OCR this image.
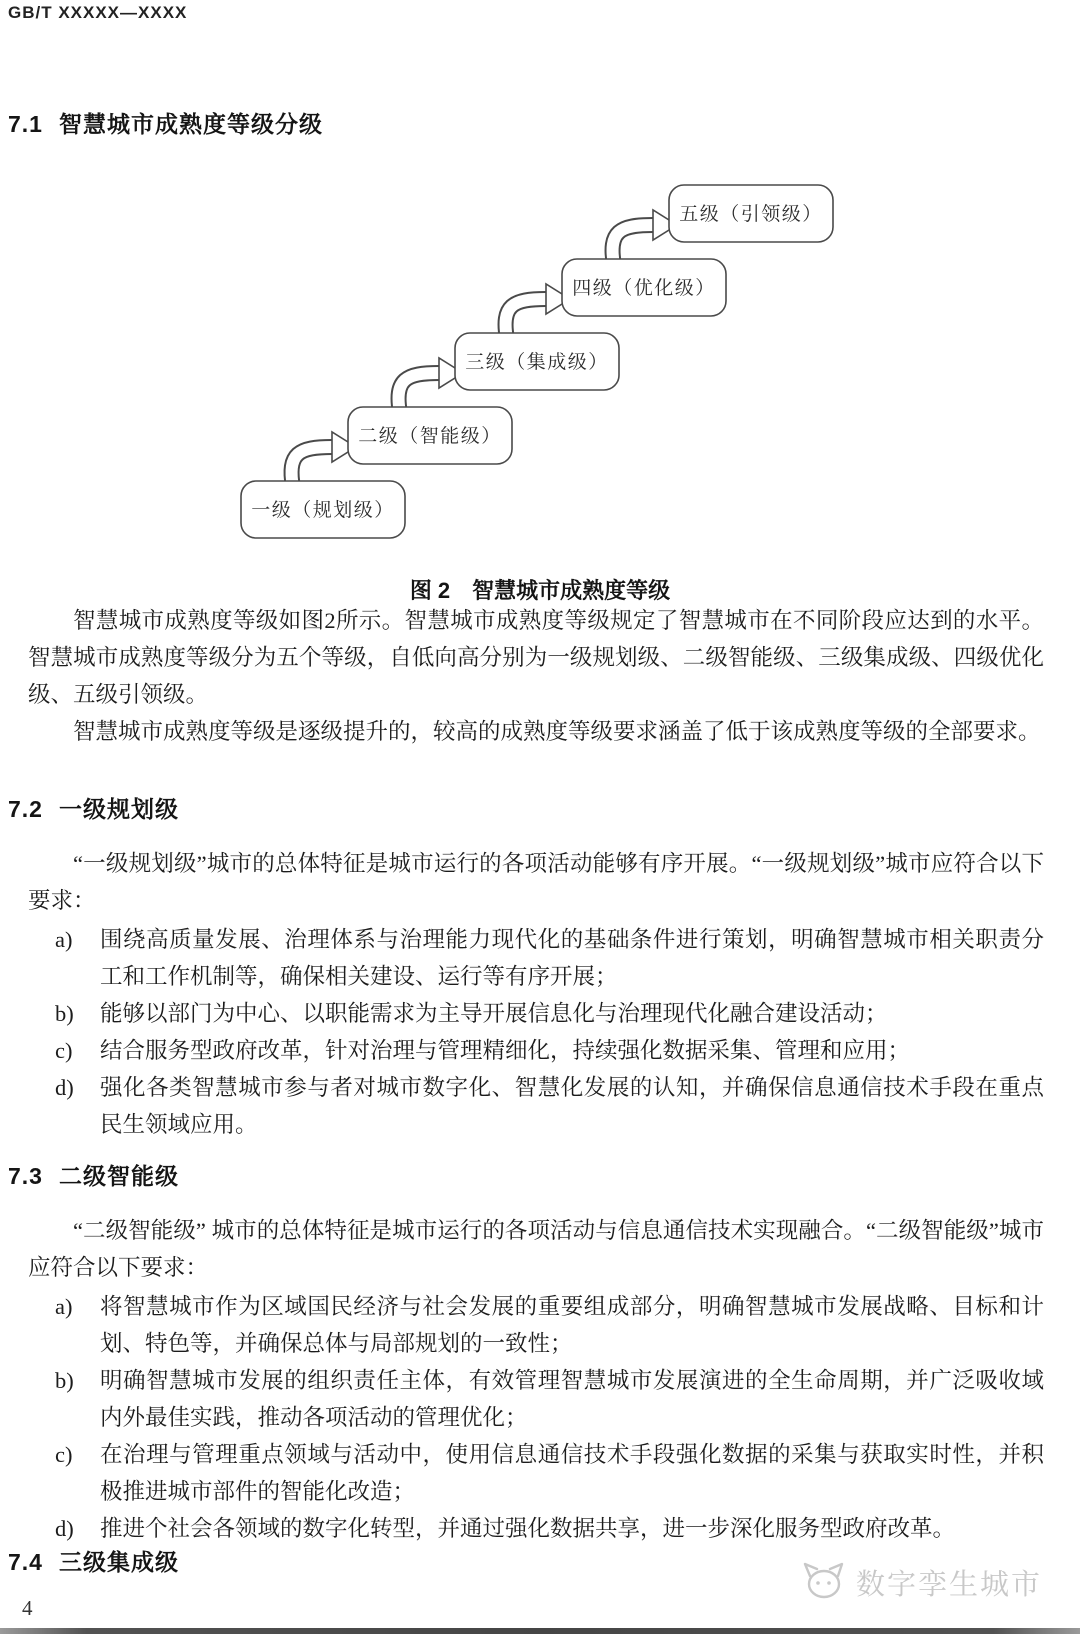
GB/T XXXXX—XXXX
7.1 智慧城市成熟度等级分级
一级（规划级）
二级（智能级）
三级（集成级）
四级（优化级）
五级（引领级）
图 2　智慧城市成熟度等级

智慧城市成熟度等级如图2所示。智慧城市成熟度等级规定了智慧城市在不同阶段应达到的水平。智慧城市成熟度等级分为五个等级，自低向高分别为一级规划级、二级智能级、三级集成级、四级优化级、五级引领级。

智慧城市成熟度等级是逐级提升的，较高的成熟度等级要求涵盖了低于该成熟度等级的全部要求。

7.2 一级规划级

“一级规划级”城市的总体特征是城市运行的各项活动能够有序开展。“一级规划级”城市应符合以下要求：

a)	围绕高质量发展、治理体系与治理能力现代化的基础条件进行策划，明确智慧城市相关职责分工和工作机制等，确保相关建设、运行等有序开展；
b)	能够以部门为中心、以职能需求为主导开展信息化与治理现代化融合建设活动；
c)	结合服务型政府改革，针对治理与管理精细化，持续强化数据采集、管理和应用；
d)	强化各类智慧城市参与者对城市数字化、智慧化发展的认知，并确保信息通信技术手段在重点民生领域应用。
7.3 二级智能级

“二级智能级” 城市的总体特征是城市运行的各项活动与信息通信技术实现融合。“二级智能级”城市应符合以下要求：

a)	将智慧城市作为区域国民经济与社会发展的重要组成部分，明确智慧城市发展战略、目标和计划、特色等，并确保总体与局部规划的一致性；
b)	明确智慧城市发展的组织责任主体，有效管理智慧城市发展演进的全生命周期，并广泛吸收域内外最佳实践，推动各项活动的管理优化；
c)	在治理与管理重点领域与活动中，使用信息通信技术手段强化数据的采集与获取实时性，并积极推进城市部件的智能化改造；
d)	推进个社会各领域的数字化转型，并通过强化数据共享，进一步深化服务型政府改革。
7.4 三级集成级
数字孪生城市
4
